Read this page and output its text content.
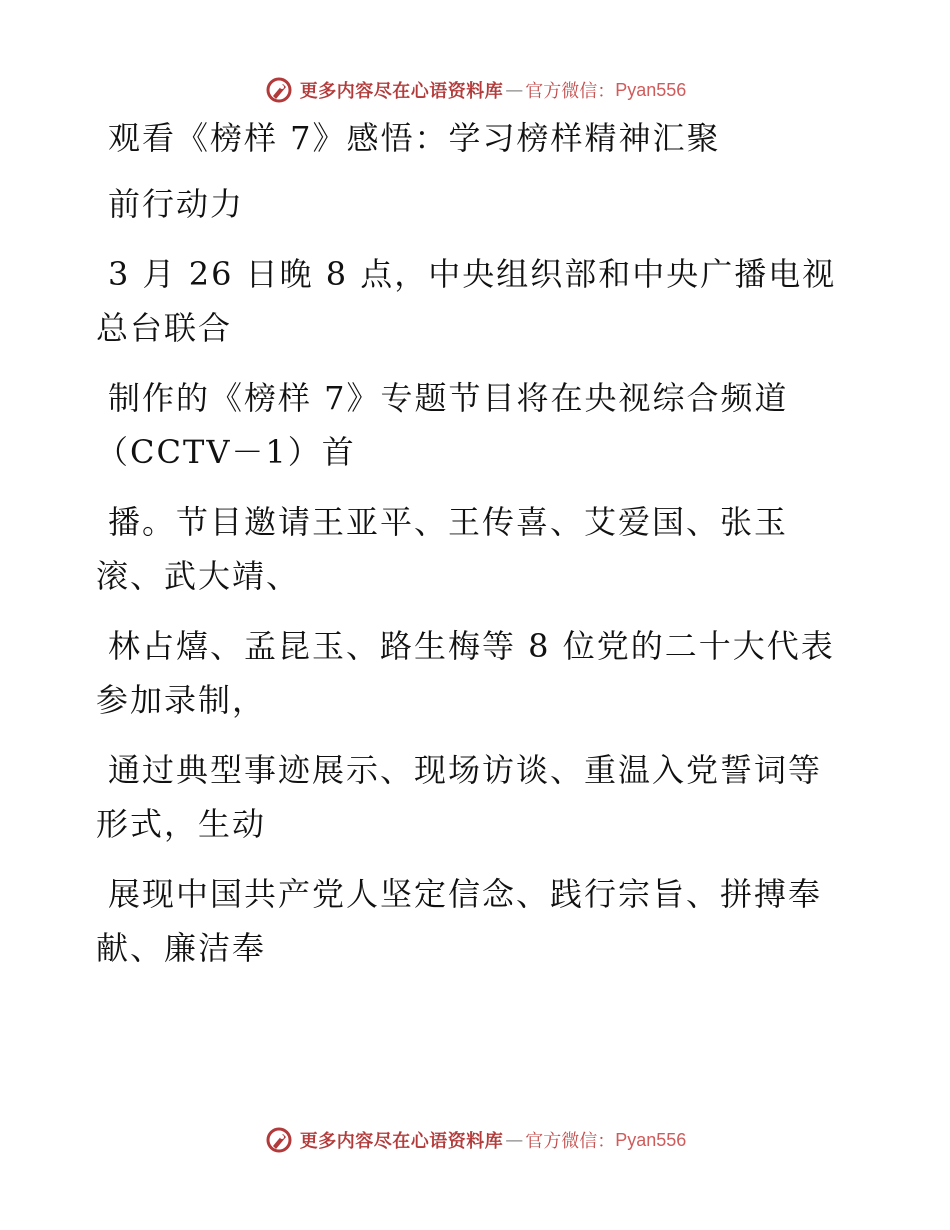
更多内容尽在心语资料库 — 官方微信： Pyan556
观看《榜样 7》感悟：学习榜样精神汇聚
前行动力
3 月 26 日晚 8 点，中央组织部和中央广播电视
总台联合
制作的《榜样 7》专题节目将在央视综合频道
（CCTV－1）首
播。节目邀请王亚平、王传喜、艾爱国、张玉
滚、武大靖、
林占熺、孟昆玉、路生梅等 8 位党的二十大代表
参加录制，
通过典型事迹展示、现场访谈、重温入党誓词等
形式，生动
展现中国共产党人坚定信念、践行宗旨、拼搏奉
献、廉洁奉
更多内容尽在心语资料库 — 官方微信： Pyan556
